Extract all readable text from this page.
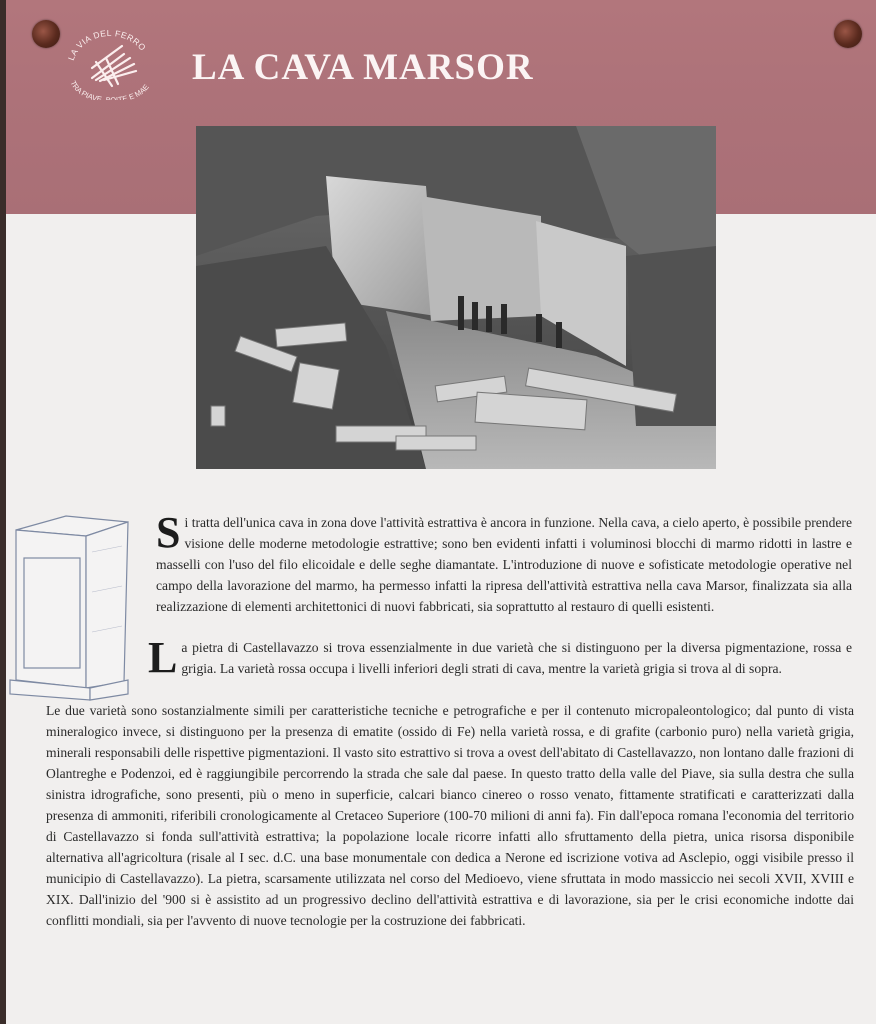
LA VIA DEL FERRO
TRA PIAVE, ITE E MAE LA CAVA MARSOR
Si tratta dell'unica cava in zona dove l'attività estrattiva è ancora in funzione. Nella cava, a cielo aperto, è possibile prendere visione delle moderne metodologie estrattive; sono ben evidenti infatti i voluminosi blocchi di marmo ridotti in lastre e masselli con l'uso del filo elicoidale e delle seghe diamantate. L'introduzione di nuove e sofisticate metodologie operative nel campo della lavorazione del marmo, ha permesso infatti la ripresa dell'attività estrattiva nella cava Marsor, finalizzata sia alla realizzazione di elementi architettonici di nuovi fabbricati, sia soprattutto al restauro di quelli esistenti.
La pietra di Castellavazzo si trova essenzialmente in due varietà che si distinguono per la diversa pigmentazione, rossa e grigia. La varietà rossa occupa i livelli inferiori degli strati di cava, mentre la varietà grigia si trova al di sopra.
Le due varietà sono sostanzialmente simili per caratteristiche tecniche e petrografiche e per il contenuto micropaleontologico; dal punto di vista mineralogico invece, si distinguono per la presenza di ematite (ossido di Fe) nella varietà rossa, e di grafite (carbonio puro) nella varietà grigia, minerali responsabili delle rispettive pigmentazioni. Il vasto sito estrattivo si trova a ovest dell'abitato di Castellavazzo, non lontano dalle frazioni di Olantreghe e Podenzoi, ed è raggiungibile percorrendo la strada che sale dal paese. In questo tratto della valle del Piave, sia sulla destra che sulla sinistra idrografiche, sono presenti, più o meno in superficie, calcari bianco cinereo o rosso venato, fittamente stratificati e caratterizzati dalla presenza di ammoniti, riferibili cronologicamente al Cretaceo Superiore (100-70 milioni di anni fa). Fin dall'epoca romana l'economia del territorio di Castellavazzo si fonda sull'attività estrattiva; la popolazione locale ricorre infatti allo sfruttamento della pietra, unica risorsa disponibile alternativa all'agricoltura (risale al I sec. d.C. una base monumentale con dedica a Nerone ed iscrizione votiva ad Asclepio, oggi visibile presso il municipio di Castellavazzo). La pietra, scarsamente utilizzata nel corso del Medioevo, viene sfruttata in modo massiccio nei secoli XVII, XVIII e XIX. Dall'inizio del '900 si è assistito ad un progressivo declino dell'attività estrattiva e di lavorazione, sia per le crisi economiche indotte dai conflitti mondiali, sia per l'avvento di nuove tecnologie per la costruzione dei fabbricati.
